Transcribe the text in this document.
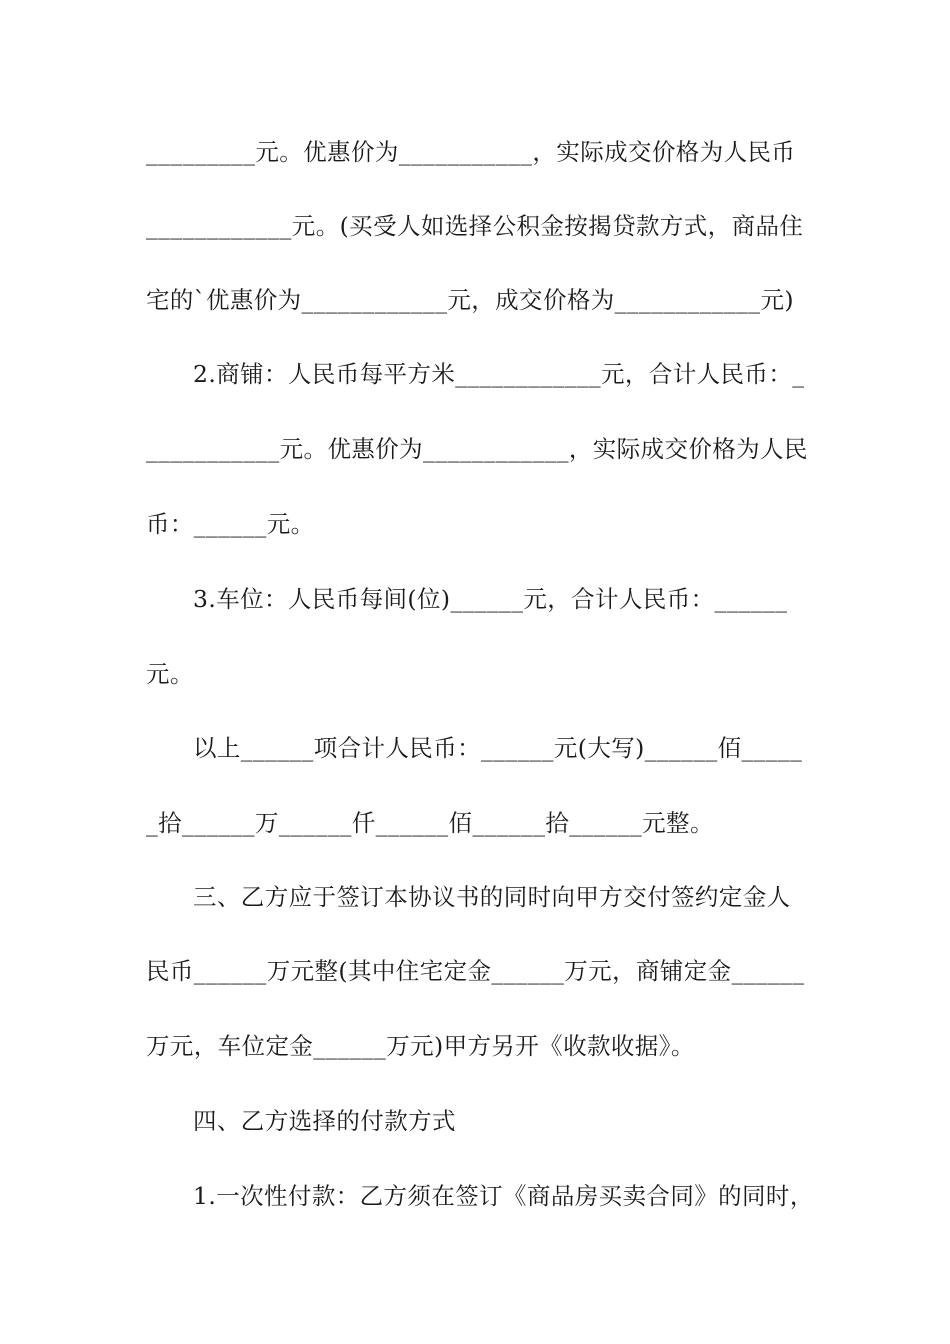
_________元。优惠价为___________，实际成交价格为人民币
____________元。(买受人如选择公积金按揭贷款方式，商品住
宅的`优惠价为____________元，成交价格为____________元)
2.商铺：人民币每平方米____________元，合计人民币：_
___________元。优惠价为____________，实际成交价格为人民
币：______元。
3.车位：人民币每间(位)______元，合计人民币：______
元。
以上______项合计人民币：______元(大写)______佰_____
_拾______万______仟______佰______拾______元整。
三、乙方应于签订本协议书的同时向甲方交付签约定金人
民币______万元整(其中住宅定金______万元，商铺定金______
万元，车位定金______万元)甲方另开《收款收据》。
四、乙方选择的付款方式
1.一次性付款：乙方须在签订《商品房买卖合同》的同时，
